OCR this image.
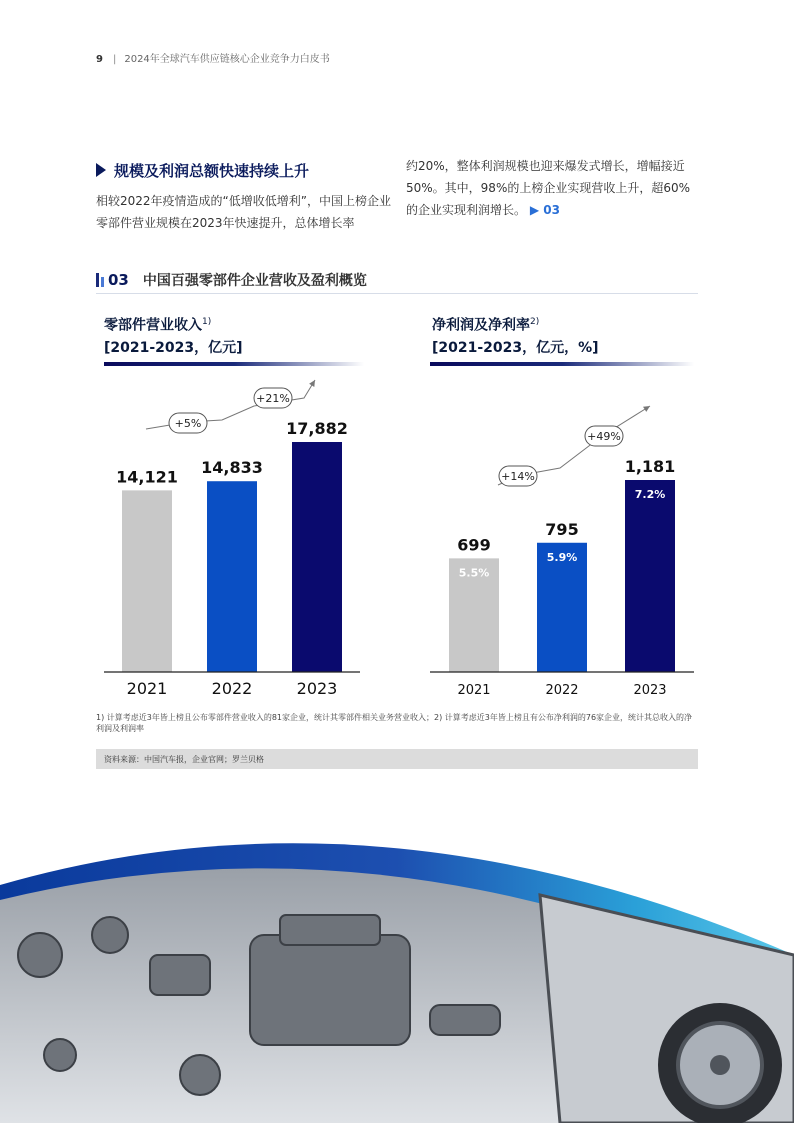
9 | 2024年全球汽车供应链核心企业竞争力白皮书
规模及利润总额快速持续上升
相较2022年疫情造成的“低增收低增利”，中国上榜企业零部件营业规模在2023年快速提升，总体增长率
约20%，整体利润规模也迎来爆发式增长，增幅接近50%。其中，98%的上榜企业实现营收上升，超60%的企业实现利润增长。 ▶ 03
03 中国百强零部件企业营收及盈利概览
零部件营业收入$^{1)}$
[2021-2023，亿元]
净利润及净利率$^{2)}$
[2021-2023，亿元，%]
14,121
2021
14,833
2022
17,882
2023
+5%
+21%
699
5.5%
2021
795
5.9%
2022
1,181
7.2%
2023
+14%
+49%
1) 计算考虑近3年皆上榜且公布零部件营业收入的81家企业，统计其零部件相关业务营业收入；2) 计算考虑近3年皆上榜且有公布净利润的76家企业，统计其总收入的净利润及利润率
资料来源：中国汽车报，企业官网；罗兰贝格
